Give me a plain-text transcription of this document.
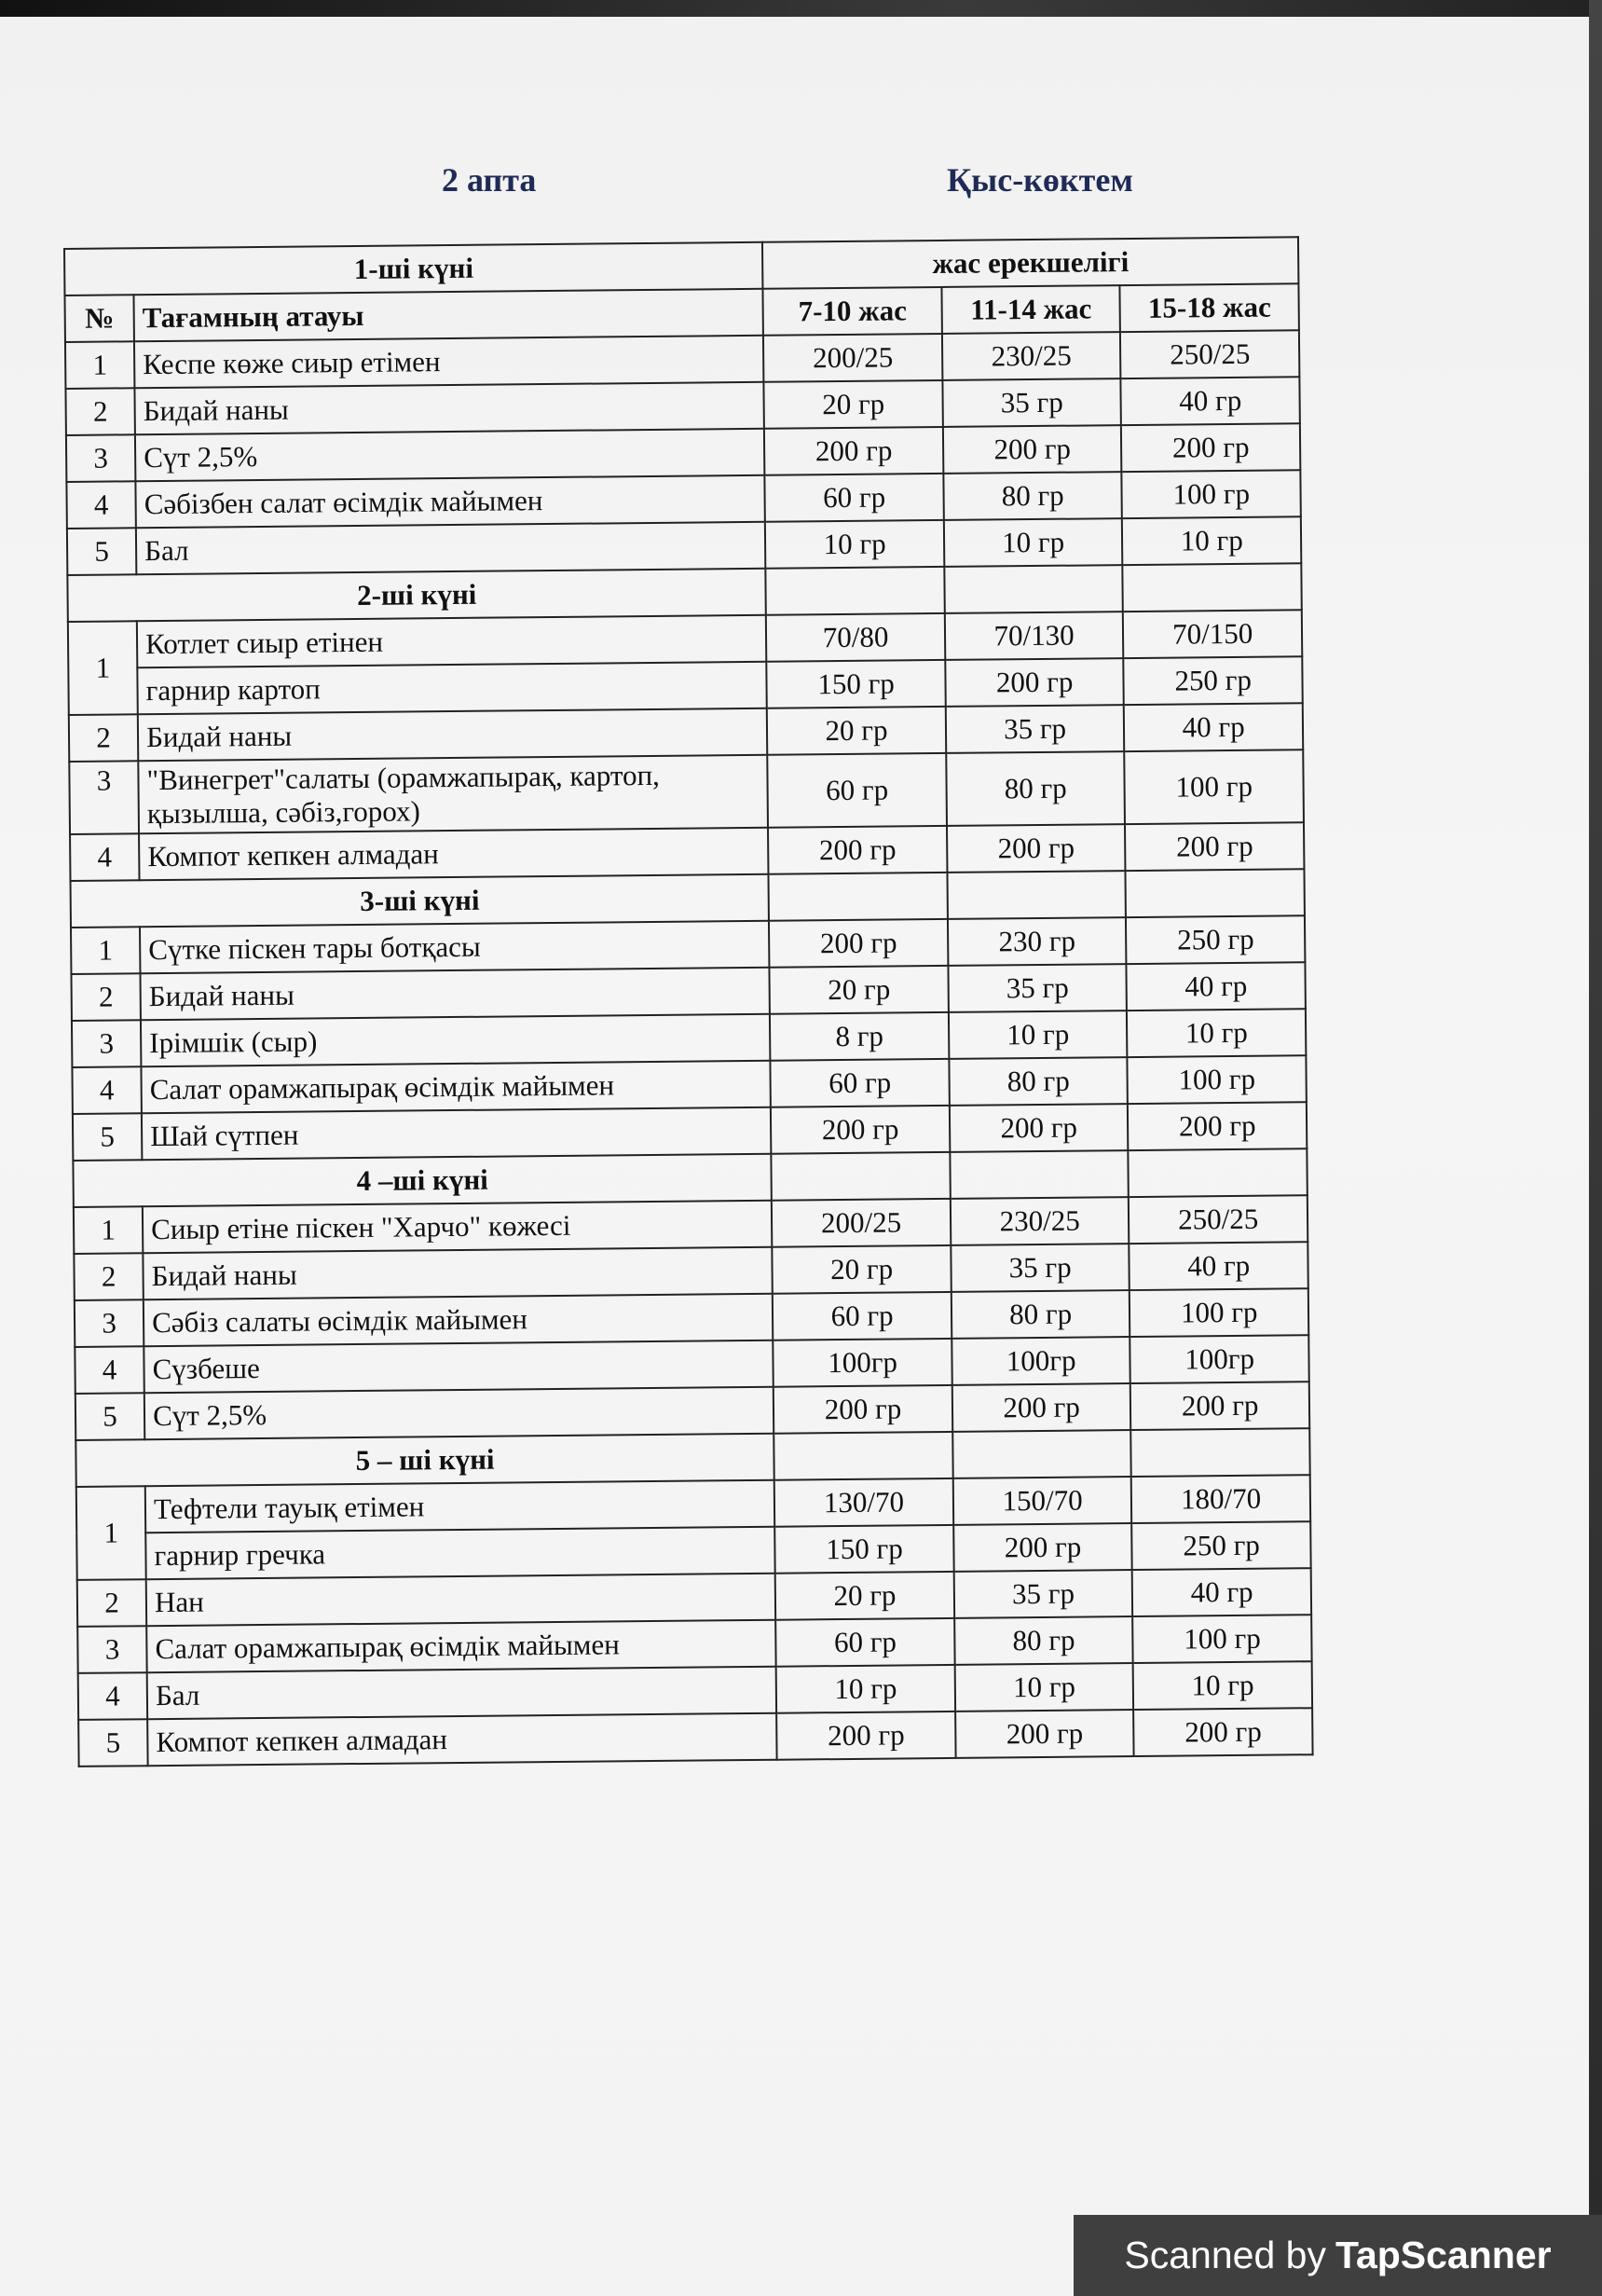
2 апта	Қыс-көктем
1-ші күні		жас ерекшелігі		
№	Тағамның атауы	7-10 жас	11-14 жас	15-18 жас
1	Кеспе көже сиыр етімен	200/25	230/25	250/25
2	Бидай наны	20 гр	35 гр	40 гр
3	Сүт 2,5%	200 гр	200 гр	200 гр
4	Сәбізбен салат өсімдік майымен	60 гр	80 гр	100 гр
5	Бал	10 гр	10 гр	10 гр
2-ші күні				
1	Котлет сиыр етінен	70/80	70/130	70/150
	гарнир картоп	150 гр	200 гр	250 гр
2	Бидай наны	20 гр	35 гр	40 гр
3	"Винегрет"салаты (орамжапырақ, картоп, қызылша, сәбіз,горох)	60 гр	80 гр	100 гр
4	Компот кепкен алмадан	200 гр	200 гр	200 гр
3-ші күні				
1	Сүтке піскен тары ботқасы	200 гр	230 гр	250 гр
2	Бидай наны	20 гр	35 гр	40 гр
3	Ірімшік (сыр)	8 гр	10 гр	10 гр
4	Салат орамжапырақ өсімдік майымен	60 гр	80 гр	100 гр
5	Шай сүтпен	200 гр	200 гр	200 гр
4 –ші күні				
1	Сиыр етіне піскен "Харчо" көжесі	200/25	230/25	250/25
2	Бидай наны	20 гр	35 гр	40 гр
3	Сәбіз салаты өсімдік майымен	60 гр	80 гр	100 гр
4	Сүзбеше	100гр	100гр	100гр
5	Сүт 2,5%	200 гр	200 гр	200 гр
5 – ші күні				
1	Тефтели тауық етімен	130/70	150/70	180/70
	гарнир гречка	150 гр	200 гр	250 гр
2	Нан	20 гр	35 гр	40 гр
3	Салат орамжапырақ өсімдік майымен	60 гр	80 гр	100 гр
4	Бал	10 гр	10 гр	10 гр
5	Компот кепкен алмадан	200 гр	200 гр	200 гр
Scanned by TapScanner
